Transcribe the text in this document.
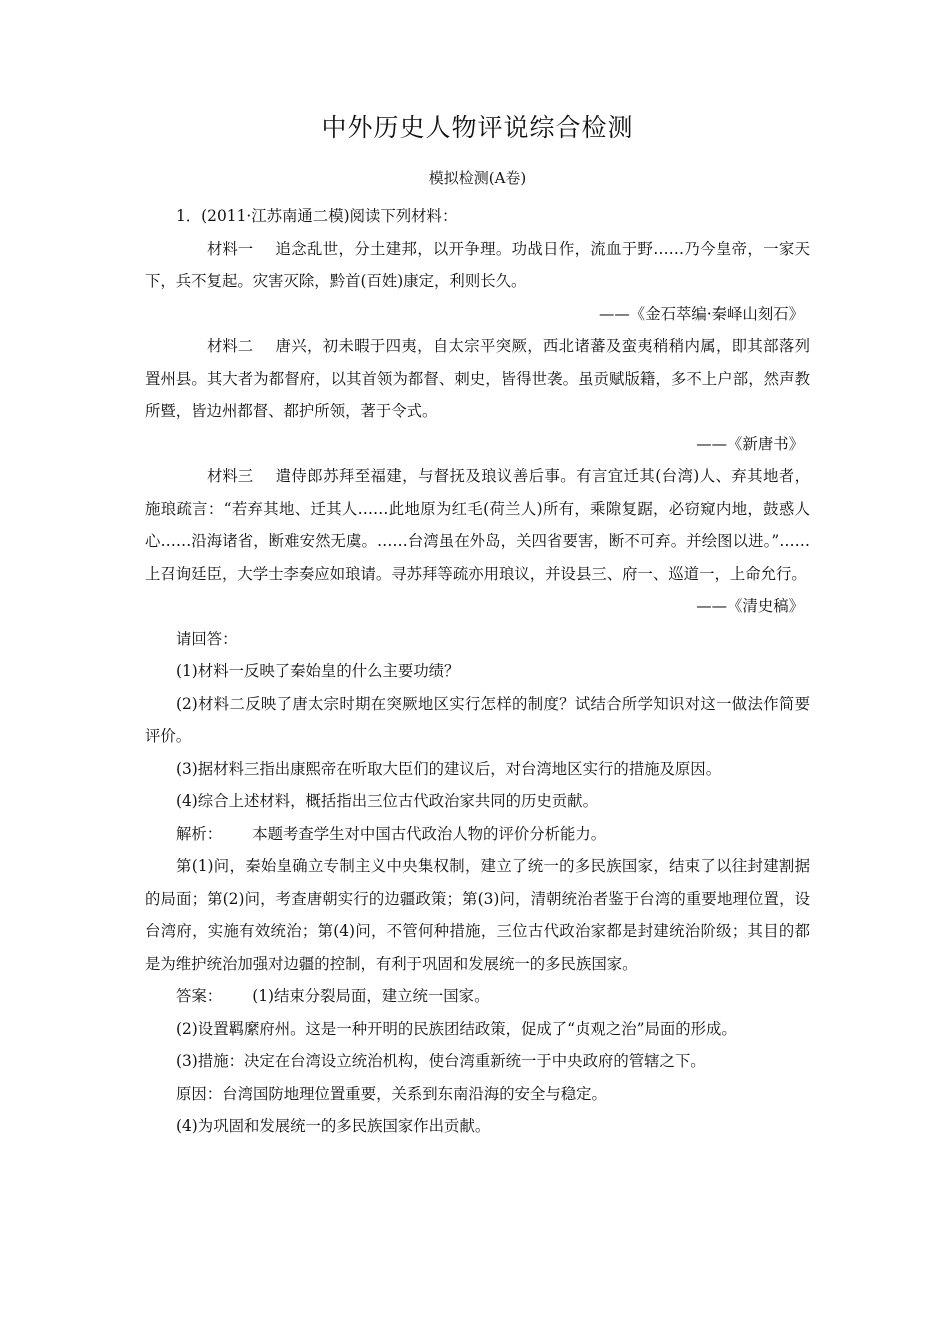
中外历史人物评说综合检测
模拟检测(A卷)

1．(2011·江苏南通二模)阅读下列材料：

材料一 追念乱世，分土建邦，以开争理。功战日作，流血于野……乃今皇帝，一家天下，兵不复起。灾害灭除，黔首(百姓)康定，利则长久。

——《金石萃编·秦峄山刻石》

材料二 唐兴，初未暇于四夷，自太宗平突厥，西北诸蕃及蛮夷稍稍内属，即其部落列置州县。其大者为都督府，以其首领为都督、刺史，皆得世袭。虽贡赋版籍，多不上户部，然声教所暨，皆边州都督、都护所领，著于令式。

——《新唐书》

材料三 遣侍郎苏拜至福建，与督抚及琅议善后事。有言宜迁其(台湾)人、弃其地者，施琅疏言：“若弃其地、迁其人……此地原为红毛(荷兰人)所有，乘隙复踞，必窃窥内地，鼓惑人心……沿海诸省，断难安然无虞。……台湾虽在外岛，关四省要害，断不可弃。并绘图以进。”……上召询廷臣，大学士李奏应如琅请。寻苏拜等疏亦用琅议，并设县三、府一、巡道一，上命允行。

——《清史稿》

请回答：

(1)材料一反映了秦始皇的什么主要功绩？

(2)材料二反映了唐太宗时期在突厥地区实行怎样的制度？试结合所学知识对这一做法作简要评价。

(3)据材料三指出康熙帝在听取大臣们的建议后，对台湾地区实行的措施及原因。

(4)综合上述材料，概括指出三位古代政治家共同的历史贡献。

解析： 本题考查学生对中国古代政治人物的评价分析能力。

第(1)问，秦始皇确立专制主义中央集权制，建立了统一的多民族国家，结束了以往封建割据的局面；第(2)问，考查唐朝实行的边疆政策；第(3)问，清朝统治者鉴于台湾的重要地理位置，设台湾府，实施有效统治；第(4)问，不管何种措施，三位古代政治家都是封建统治阶级；其目的都是为维护统治加强对边疆的控制，有利于巩固和发展统一的多民族国家。

答案： (1)结束分裂局面，建立统一国家。

(2)设置羁縻府州。这是一种开明的民族团结政策，促成了“贞观之治”局面的形成。

(3)措施：决定在台湾设立统治机构，使台湾重新统一于中央政府的管辖之下。

原因：台湾国防地理位置重要，关系到东南沿海的安全与稳定。

(4)为巩固和发展统一的多民族国家作出贡献。
